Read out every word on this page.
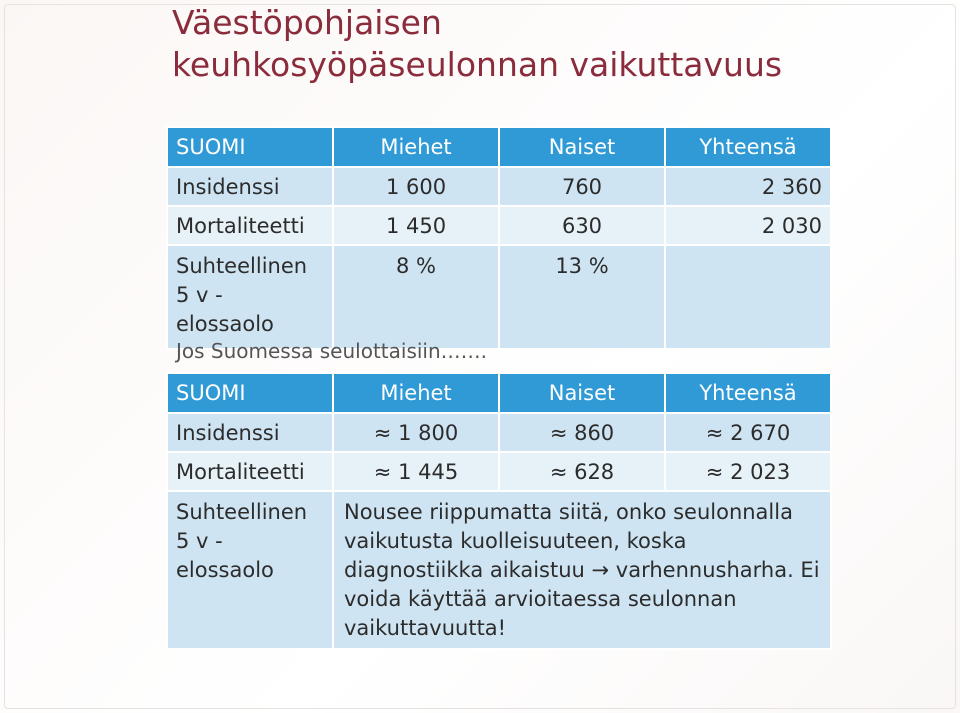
Väestöpohjaisen
keuhkosyöpäseulonnan vaikuttavuus
SUOMI	Miehet	Naiset	Yhteensä
Insidenssi	1 600	760	2 360
Mortaliteetti	1 450	630	2 030
Suhteellinen 5 v - elossaolo	8 %	13 %	
Jos Suomessa seulottaisiin…….
SUOMI	Miehet	Naiset	Yhteensä
Insidenssi	≈ 1 800	≈ 860	≈ 2 670
Mortaliteetti	≈ 1 445	≈ 628	≈ 2 023
Suhteellinen 5 v - elossaolo	Nousee riippumatta siitä, onko seulonnalla vaikutusta kuolleisuuteen, koska diagnostiikka aikaistuu → varhennusharha. Ei voida käyttää arvioitaessa seulonnan vaikuttavuutta!		
